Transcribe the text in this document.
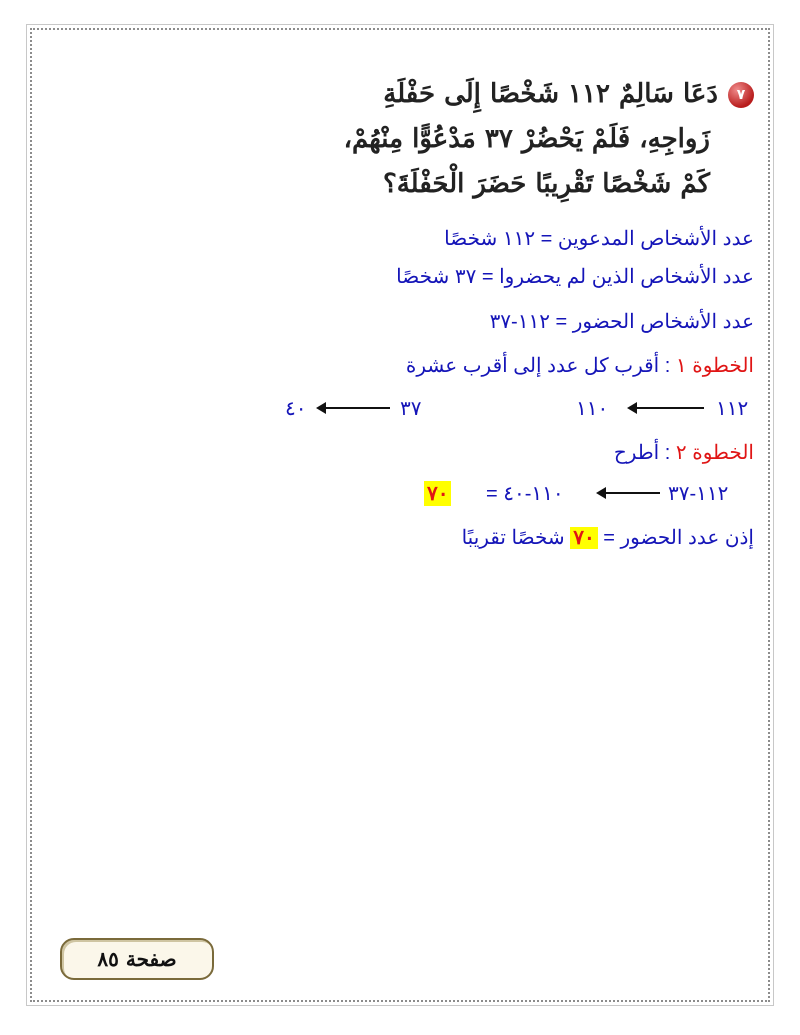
٧دَعَا سَالِمٌ ١١٢ شَخْصًا إِلَى حَفْلَةِ
زَواجِهِ، فَلَمْ يَحْضُرْ ٣٧ مَدْعُوًّا مِنْهُمْ،
كَمْ شَخْصًا تَقْرِيبًا حَضَرَ الْحَفْلَةَ؟
عدد الأشخاص المدعوين = ١١٢ شخصًا
عدد الأشخاص الذين لم يحضروا = ٣٧ شخصًا
عدد الأشخاص الحضور = ١١٢-٣٧
الخطوة ١ : أقرب كل عدد إلى أقرب عشرة
١١٢
١١٠
٣٧
٤٠
الخطوة ٢ : أطرح
١١٢-٣٧
١١٠-٤٠ =
٧٠
إذن عدد الحضور = ٧٠ شخصًا تقريبًا
صفحة ٨٥
